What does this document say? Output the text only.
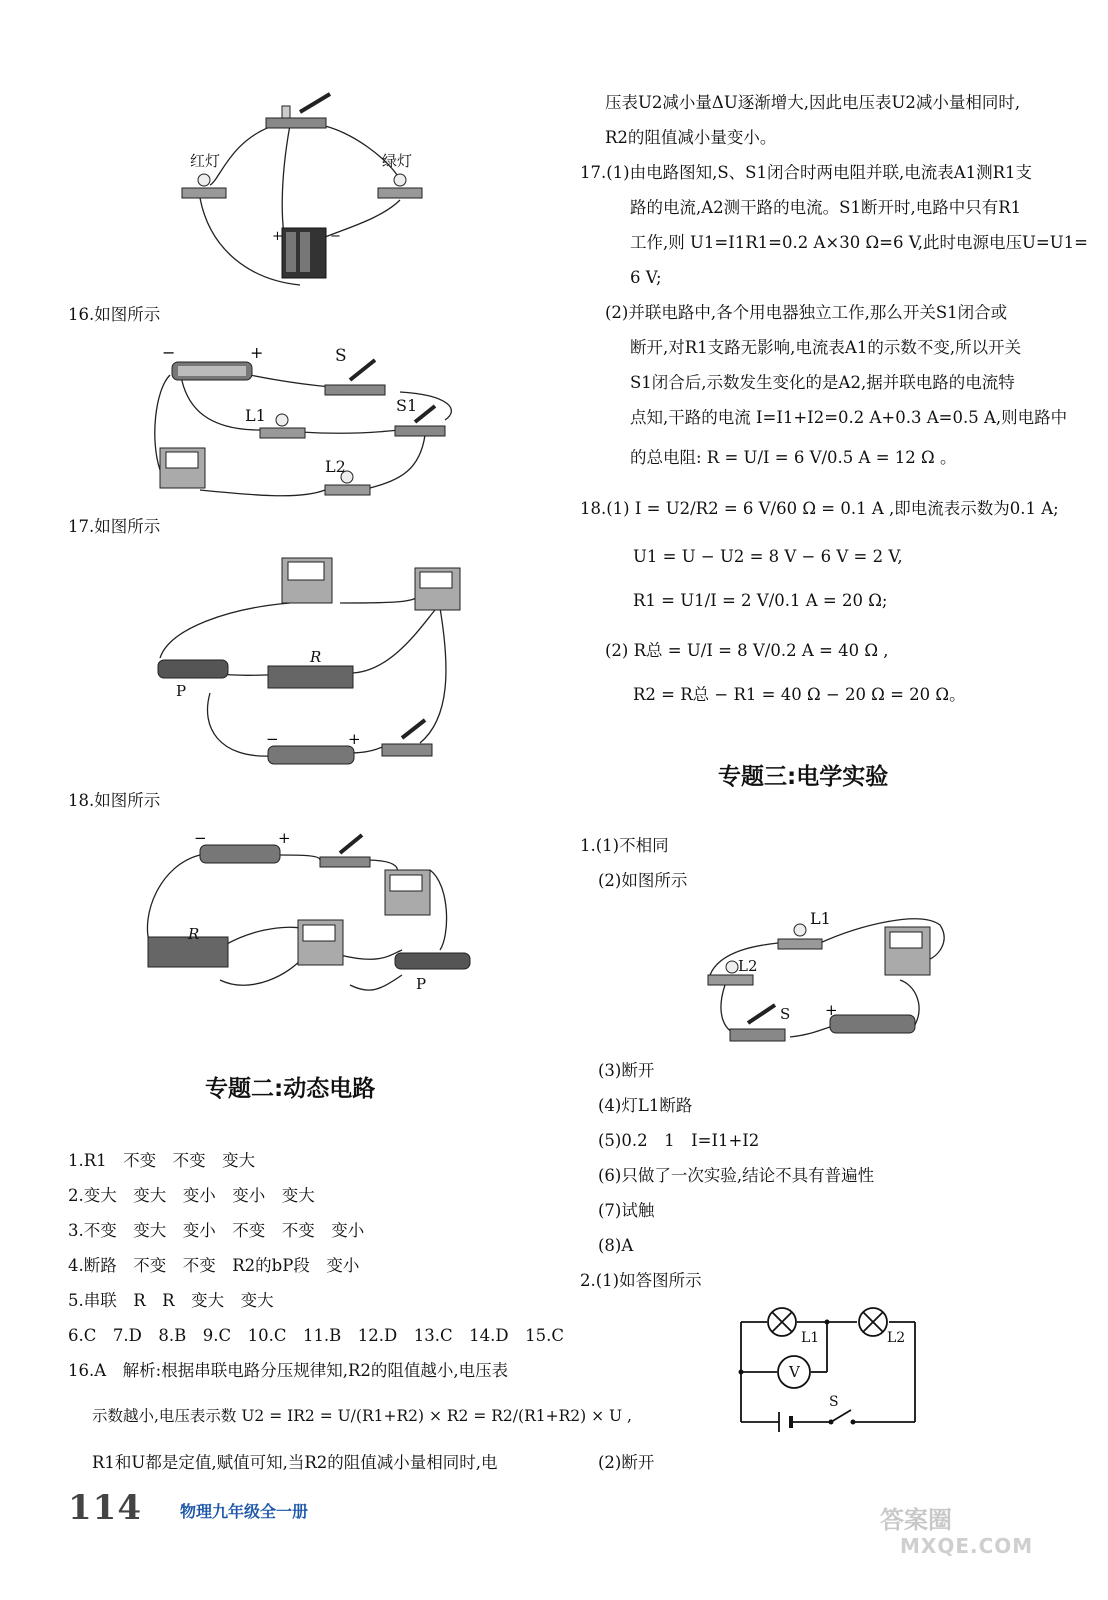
+	−
红灯	绿灯
16.如图所示
−	+	S
S1
L1
L2
17.如图所示
−	+
R
P
18.如图所示
−	+
R
P
专题二:动态电路
1.R1　不变　不变　变大
2.变大　变大　变小　变小　变大
3.不变　变大　变小　不变　不变　变小
4.断路　不变　不变　R2的bP段　变小
5.串联　R　R　变大　变大
6.C　7.D　8.B　9.C　10.C　11.B　12.D　13.C　14.D　15.C
16.A　解析:根据串联电路分压规律知,R2的阻值越小,电压表
示数越小,电压表示数 U2 = IR2 = U/(R1+R2) × R2 = R2/(R1+R2) × U ,
R1和U都是定值,赋值可知,当R2的阻值减小量相同时,电
压表U2减小量ΔU逐渐增大,因此电压表U2减小量相同时,
R2的阻值减小量变小。
17.(1)由电路图知,S、S1闭合时两电阻并联,电流表A1测R1支
路的电流,A2测干路的电流。S1断开时,电路中只有R1
工作,则 U1=I1R1=0.2 A×30 Ω=6 V,此时电源电压U=U1=
6 V;
(2)并联电路中,各个用电器独立工作,那么开关S1闭合或
断开,对R1支路无影响,电流表A1的示数不变,所以开关
S1闭合后,示数发生变化的是A2,据并联电路的电流特
点知,干路的电流 I=I1+I2=0.2 A+0.3 A=0.5 A,则电路中
的总电阻: R = U/I = 6 V/0.5 A = 12 Ω 。
18.(1) I = U2/R2 = 6 V/60 Ω = 0.1 A ,即电流表示数为0.1 A;
U1 = U − U2 = 8 V − 6 V = 2 V,
R1 = U1/I = 2 V/0.1 A = 20 Ω;
(2) R总 = U/I = 8 V/0.2 A = 40 Ω ,
R2 = R总 − R1 = 40 Ω − 20 Ω = 20 Ω。
专题三:电学实验
1.(1)不相同
(2)如图所示
+
L1
L2
S
(3)断开
(4)灯L1断路
(5)0.2　1　I=I1+I2
(6)只做了一次实验,结论不具有普遍性
(7)试触
(8)A
2.(1)如答图所示
L1	L2
V
S
(2)断开
114 物理九年级全一册	答案圈
MXQE.COM
